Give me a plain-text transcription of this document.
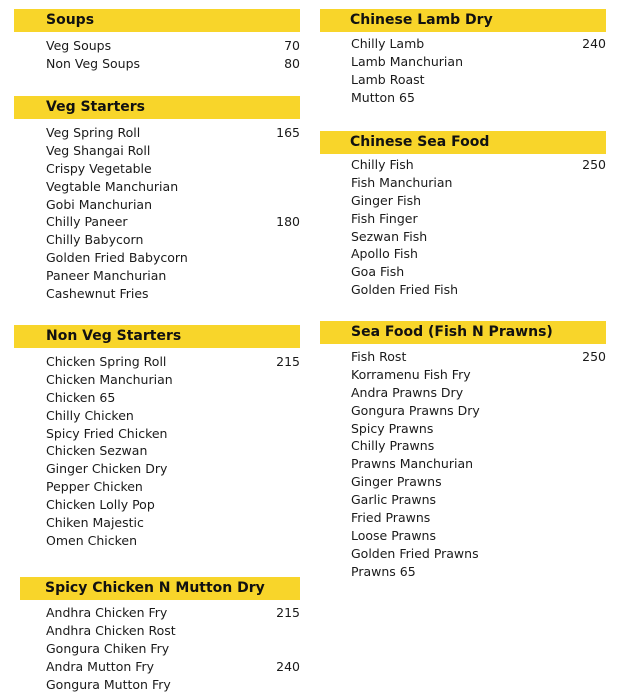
Soups
Veg Soups	70
Non Veg Soups	80
Veg Starters
Veg Spring Roll	165
Veg Shangai Roll
Crispy Vegetable
Vegtable Manchurian
Gobi Manchurian
Chilly Paneer	180
Chilly Babycorn
Golden Fried Babycorn
Paneer Manchurian
Cashewnut Fries
Non Veg Starters
Chicken Spring Roll	215
Chicken Manchurian
Chicken 65
Chilly Chicken
Spicy Fried Chicken
Chicken Sezwan
Ginger Chicken Dry
Pepper Chicken
Chicken Lolly Pop
Chiken Majestic
Omen Chicken
Spicy Chicken N Mutton Dry
Andhra Chicken Fry	215
Andhra Chicken Rost
Gongura Chiken Fry
Andra Mutton Fry	240
Gongura Mutton Fry
Chinese Lamb Dry
Chilly Lamb	240
Lamb Manchurian
Lamb Roast
Mutton 65
Chinese Sea Food
Chilly Fish	250
Fish Manchurian
Ginger Fish
Fish Finger
Sezwan Fish
Apollo Fish
Goa Fish
Golden Fried Fish
Sea Food (Fish N Prawns)
Fish Rost	250
Korramenu Fish Fry
Andra Prawns Dry
Gongura Prawns Dry
Spicy Prawns
Chilly Prawns
Prawns Manchurian
Ginger Prawns
Garlic Prawns
Fried Prawns
Loose Prawns
Golden Fried Prawns
Prawns 65
